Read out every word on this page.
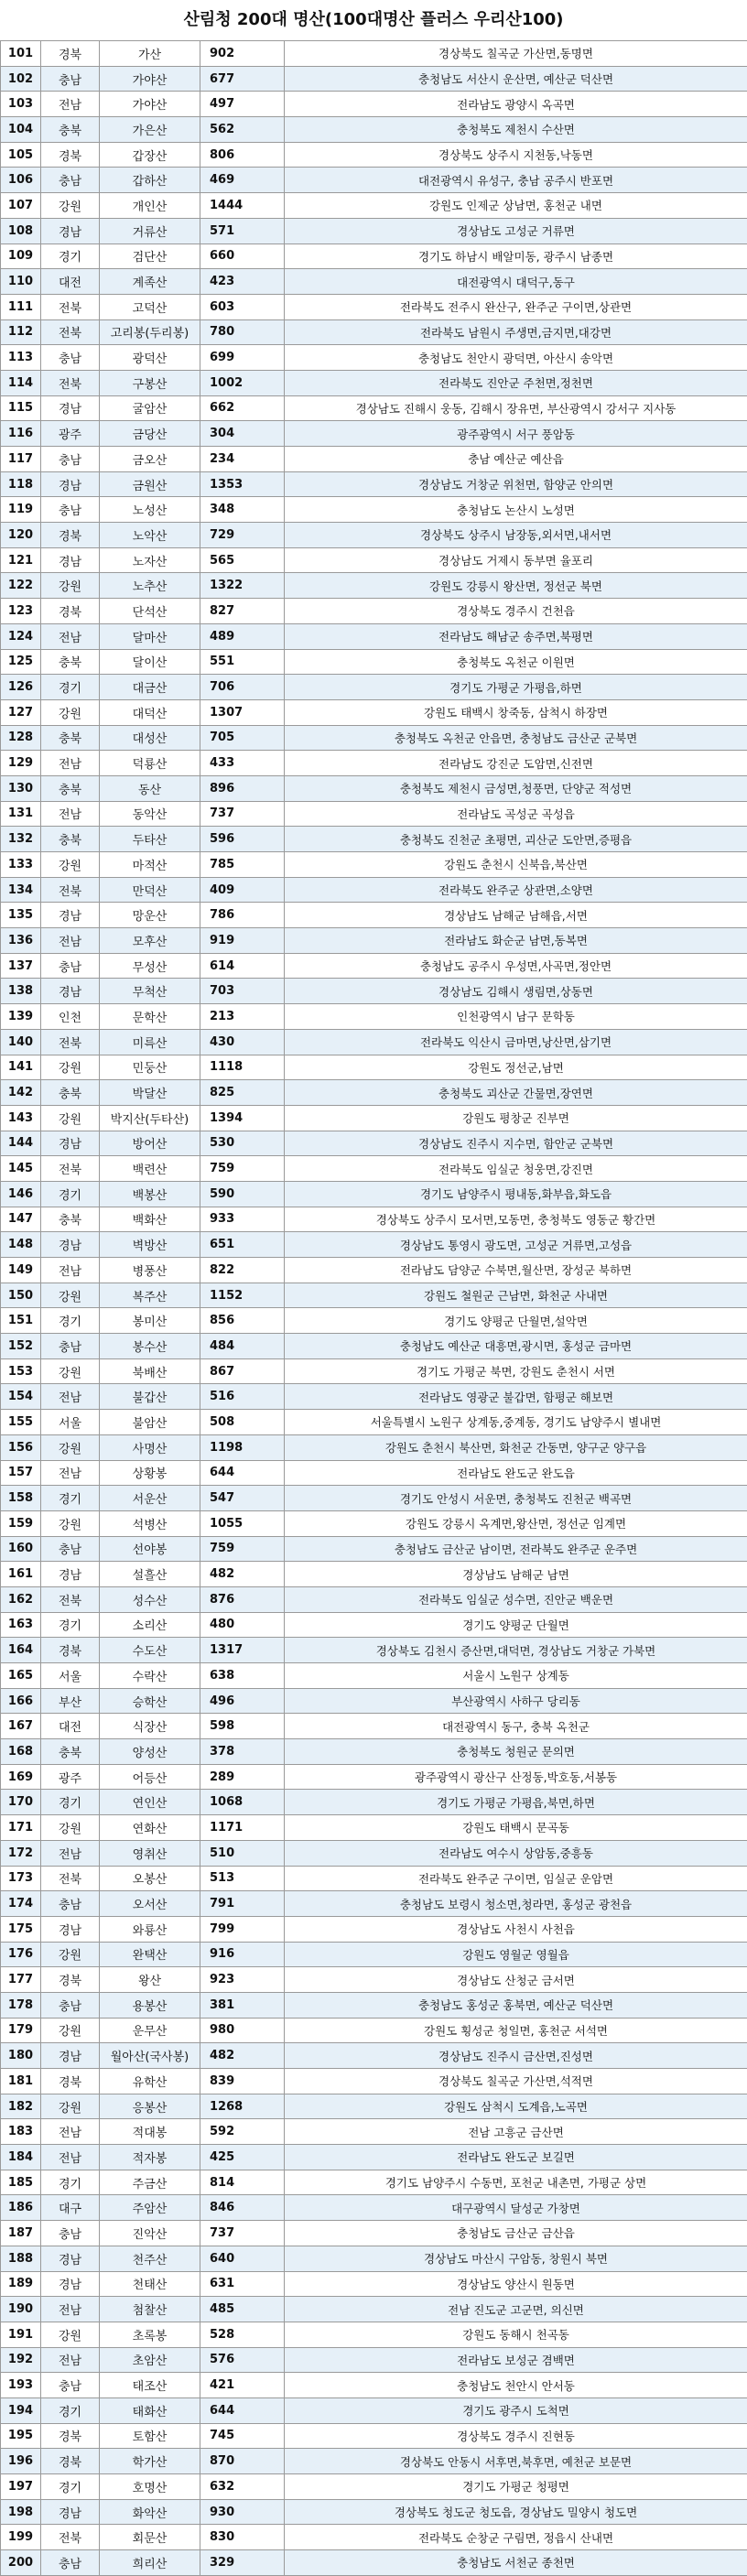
산림청 200대 명산(100대명산 플러스 우리산100)
101	경북	가산	902	경상북도 칠곡군 가산면,동명면
102	충남	가야산	677	충청남도 서산시 운산면, 예산군 덕산면
103	전남	가야산	497	전라남도 광양시 옥곡면
104	충북	가은산	562	충청북도 제천시 수산면
105	경북	갑장산	806	경상북도 상주시 지천동,낙동면
106	충남	갑하산	469	대전광역시 유성구, 충남 공주시 반포면
107	강원	개인산	1444	강원도 인제군 상남면, 홍천군 내면
108	경남	거류산	571	경상남도 고성군 거류면
109	경기	검단산	660	경기도 하남시 배알미동, 광주시 남종면
110	대전	계족산	423	대전광역시 대덕구,동구
111	전북	고덕산	603	전라북도 전주시 완산구, 완주군 구이면,상관면
112	전북	고리봉(두리봉)	780	전라북도 남원시 주생면,금지면,대강면
113	충남	광덕산	699	충청남도 천안시 광덕면, 아산시 송악면
114	전북	구봉산	1002	전라북도 진안군 주천면,정천면
115	경남	굴암산	662	경상남도 진해시 웅동, 김해시 장유면, 부산광역시 강서구 지사동
116	광주	금당산	304	광주광역시 서구 풍암동
117	충남	금오산	234	충남 예산군 예산읍
118	경남	금원산	1353	경상남도 거창군 위천면, 함양군 안의면
119	충남	노성산	348	충청남도 논산시 노성면
120	경북	노악산	729	경상북도 상주시 남장동,외서면,내서면
121	경남	노자산	565	경상남도 거제시 동부면 율포리
122	강원	노추산	1322	강원도 강릉시 왕산면, 정선군 북면
123	경북	단석산	827	경상북도 경주시 건천읍
124	전남	달마산	489	전라남도 해남군 송주면,북평면
125	충북	달이산	551	충청북도 옥천군 이원면
126	경기	대금산	706	경기도 가평군 가평읍,하면
127	강원	대덕산	1307	강원도 태백시 창죽동, 삼척시 하장면
128	충북	대성산	705	충청북도 옥천군 안읍면, 충청남도 금산군 군북면
129	전남	덕룡산	433	전라남도 강진군 도암면,신전면
130	충북	동산	896	충청북도 제천시 금성면,청풍면, 단양군 적성면
131	전남	동악산	737	전라남도 곡성군 곡성읍
132	충북	두타산	596	충청북도 진천군 초평면, 괴산군 도안면,증평읍
133	강원	마적산	785	강원도 춘천시 신북읍,북산면
134	전북	만덕산	409	전라북도 완주군 상관면,소양면
135	경남	망운산	786	경상남도 남해군 남해읍,서면
136	전남	모후산	919	전라남도 화순군 남면,동복면
137	충남	무성산	614	충청남도 공주시 우성면,사곡면,정안면
138	경남	무척산	703	경상남도 김해시 생림면,상동면
139	인천	문학산	213	인천광역시 남구 문학동
140	전북	미륵산	430	전라북도 익산시 금마면,낭산면,삼기면
141	강원	민둥산	1118	강원도 정선군,남면
142	충북	박달산	825	충청북도 괴산군 간물면,장연면
143	강원	박지산(두타산)	1394	강원도 평창군 진부면
144	경남	방어산	530	경상남도 진주시 지수면, 함안군 군북면
145	전북	백련산	759	전라북도 임실군 청웅면,강진면
146	경기	백봉산	590	경기도 남양주시 평내동,화부읍,화도읍
147	충북	백화산	933	경상북도 상주시 모서면,모동면, 충청북도 영동군 황간면
148	경남	벽방산	651	경상남도 통영시 광도면, 고성군 거류면,고성읍
149	전남	병풍산	822	전라남도 담양군 수북면,월산면, 장성군 북하면
150	강원	복주산	1152	강원도 철원군 근남면, 화천군 사내면
151	경기	봉미산	856	경기도 양평군 단월면,설악면
152	충남	봉수산	484	충청남도 예산군 대흥면,광시면, 홍성군 금마면
153	강원	북배산	867	경기도 가평군 북면, 강원도 춘천시 서면
154	전남	불갑산	516	전라남도 영광군 불갑면, 함평군 해보면
155	서울	불암산	508	서울특별시 노원구 상계동,중계동, 경기도 남양주시 별내면
156	강원	사명산	1198	강원도 춘천시 북산면, 화천군 간동면, 양구군 양구읍
157	전남	상황봉	644	전라남도 완도군 완도읍
158	경기	서운산	547	경기도 안성시 서운면, 충청북도 진천군 백곡면
159	강원	석병산	1055	강원도 강릉시 옥계면,왕산면, 정선군 임계면
160	충남	선야봉	759	충청남도 금산군 남이면, 전라북도 완주군 운주면
161	경남	설흘산	482	경상남도 남해군 남면
162	전북	성수산	876	전라북도 임실군 성수면, 진안군 백운면
163	경기	소리산	480	경기도 양평군 단월면
164	경북	수도산	1317	경상북도 김천시 증산면,대덕면, 경상남도 거창군 가북면
165	서울	수락산	638	서울시 노원구 상계동
166	부산	승학산	496	부산광역시 사하구 당리동
167	대전	식장산	598	대전광역시 동구, 충북 옥천군
168	충북	양성산	378	충청북도 청원군 문의면
169	광주	어등산	289	광주광역시 광산구 산정동,박호동,서봉동
170	경기	연인산	1068	경기도 가평군 가평읍,북면,하면
171	강원	연화산	1171	강원도 태백시 문곡동
172	전남	영취산	510	전라남도 여수시 상암동,중흥동
173	전북	오봉산	513	전라북도 완주군 구이면, 임실군 운암면
174	충남	오서산	791	충청남도 보령시 청소면,청라면, 홍성군 광천읍
175	경남	와룡산	799	경상남도 사천시 사천읍
176	강원	완택산	916	강원도 영월군 영월읍
177	경북	왕산	923	경상남도 산청군 금서면
178	충남	용봉산	381	충청남도 홍성군 홍북면, 예산군 덕산면
179	강원	운무산	980	강원도 횡성군 청일면, 홍천군 서석면
180	경남	월아산(국사봉)	482	경상남도 진주시 금산면,진성면
181	경북	유학산	839	경상북도 칠곡군 가산면,석적면
182	강원	응봉산	1268	강원도 삼척시 도계읍,노곡면
183	전남	적대봉	592	전남 고흥군 금산면
184	전남	적자봉	425	전라남도 완도군 보길면
185	경기	주금산	814	경기도 남양주시 수동면, 포천군 내촌면, 가평군 상면
186	대구	주암산	846	대구광역시 달성군 가창면
187	충남	진악산	737	충청남도 금산군 금산읍
188	경남	천주산	640	경상남도 마산시 구암동, 창원시 북면
189	경남	천태산	631	경상남도 양산시 원동면
190	전남	첨찰산	485	전남 진도군 고군면, 의신면
191	강원	초록봉	528	강원도 동해시 천곡동
192	전남	초암산	576	전라남도 보성군 겸백면
193	충남	태조산	421	충청남도 천안시 안서동
194	경기	태화산	644	경기도 광주시 도척면
195	경북	토함산	745	경상북도 경주시 진현동
196	경북	학가산	870	경상북도 안동시 서후면,북후면, 예천군 보문면
197	경기	호명산	632	경기도 가평군 청평면
198	경남	화악산	930	경상북도 청도군 청도읍, 경상남도 밀양시 청도면
199	전북	회문산	830	전라북도 순창군 구림면, 정읍시 산내면
200	충남	희리산	329	충청남도 서천군 종천면
